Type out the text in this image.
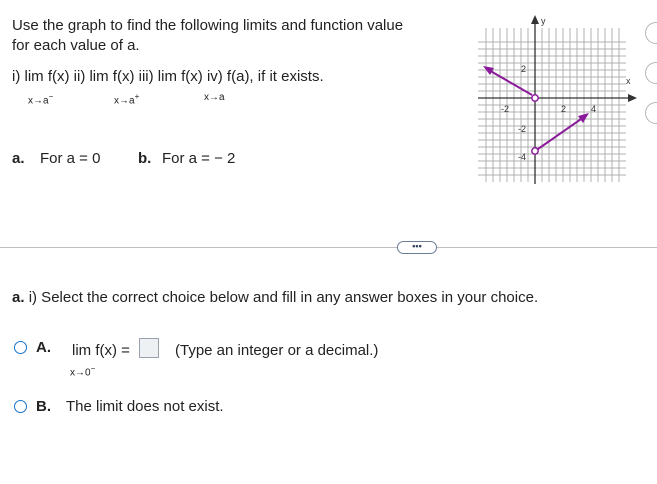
Use the graph to find the following limits and function value
for each value of a.
i) lim f(x) ii) lim f(x) iii) lim f(x) iv) f(a), if it exists.
x→a−	x→a+	x→a
a. For a = 0	b. For a = − 2
y
x
-2	2	4
2
-2
-4
•••
a. i) Select the correct choice below and fill in any answer boxes in your choice.
A. lim f(x) =	(Type an integer or a decimal.)
x→0−
B. The limit does not exist.
